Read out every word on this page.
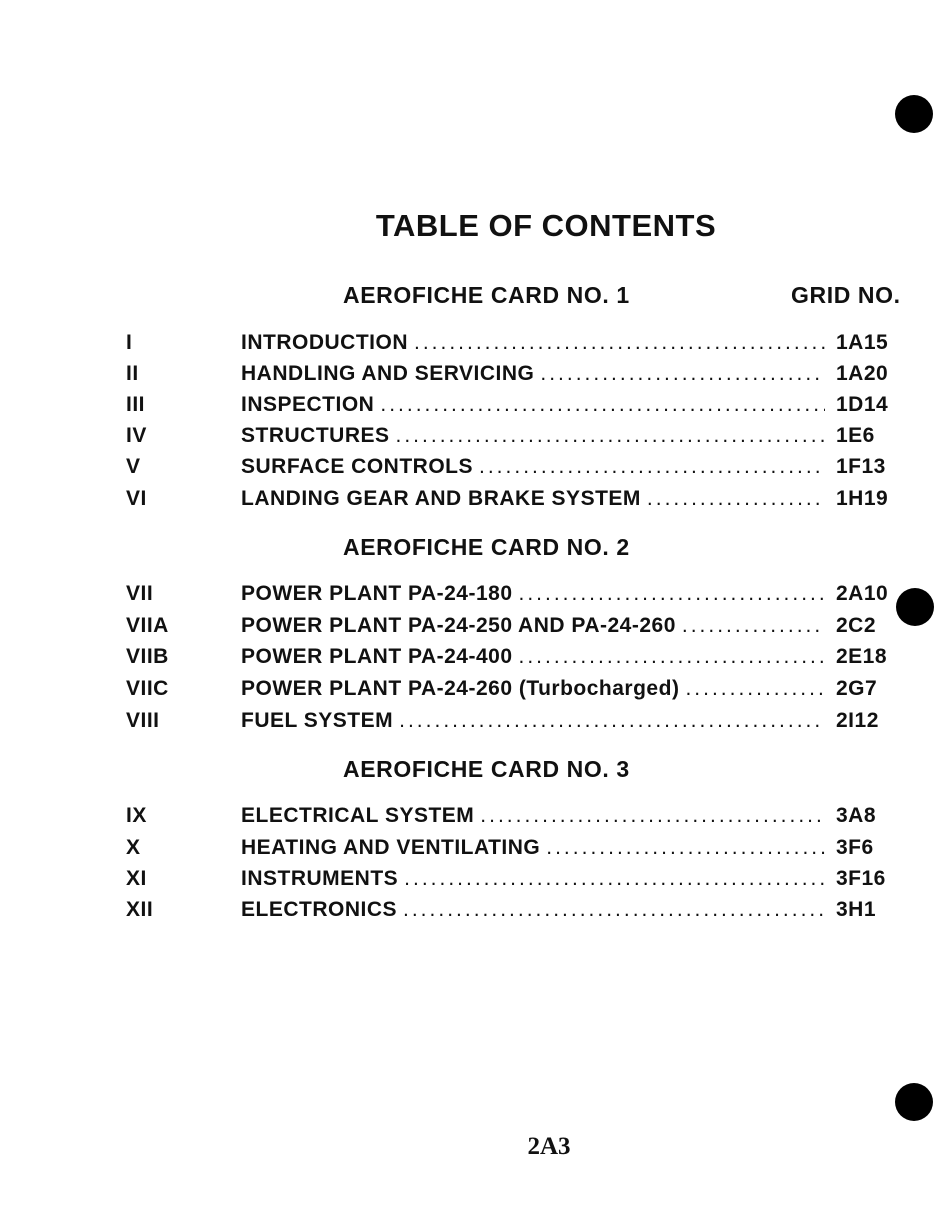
TABLE OF CONTENTS
GRID NO.
AEROFICHE CARD NO. 1
I	INTRODUCTION .....	1A15
II	HANDLING AND SERVICING .....	1A20
III	INSPECTION .....	1D14
IV	STRUCTURES .....	1E6
V	SURFACE CONTROLS .....	1F13
VI	LANDING GEAR AND BRAKE SYSTEM .....	1H19
AEROFICHE CARD NO. 2
VII	POWER PLANT PA-24-180 .....	2A10
VIIA	POWER PLANT PA-24-250 AND PA-24-260 .....	2C2
VIIB	POWER PLANT PA-24-400 .....	2E18
VIIC	POWER PLANT PA-24-260 (Turbocharged) .....	2G7
VIII	FUEL SYSTEM .....	2I12
AEROFICHE CARD NO. 3
IX	ELECTRICAL SYSTEM .....	3A8
X	HEATING AND VENTILATING .....	3F6
XI	INSTRUMENTS .....	3F16
XII	ELECTRONICS .....	3H1
2A3
